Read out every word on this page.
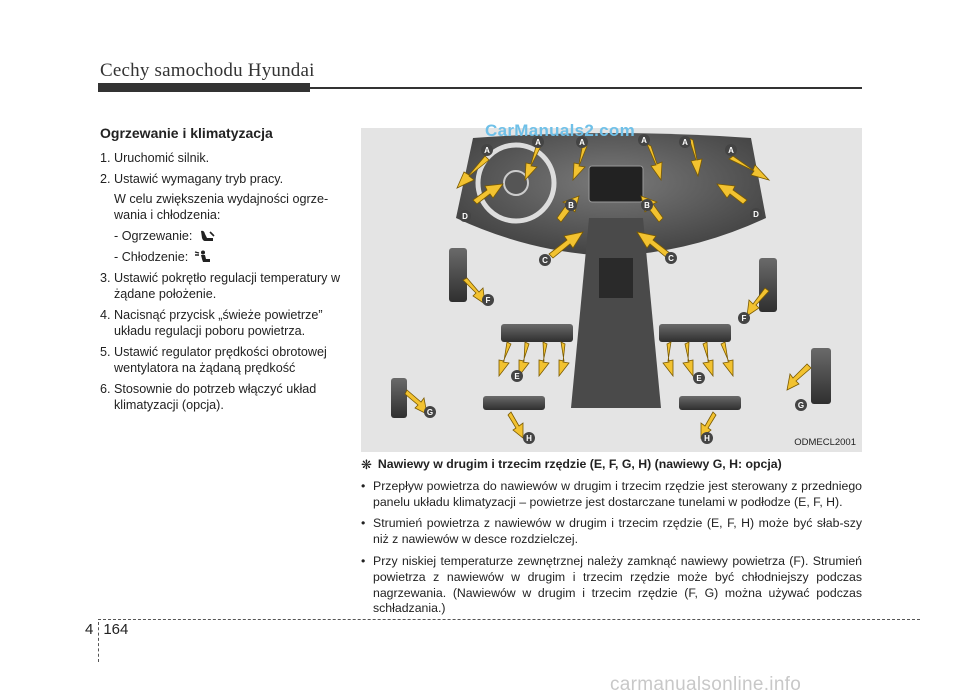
Cechy samochodu Hyundai
Ogrzewanie i klimatyzacja
1. Uruchomić silnik.
2. Ustawić wymagany tryb pracy.
W celu zwiększenia wydajności ogrze-wania i chłodzenia:
- Ogrzewanie:
- Chłodzenie:
3. Ustawić pokrętło regulacji temperatury w żądane położenie.
4. Nacisnąć przycisk „świeże powietrze” układu regulacji poboru powietrza.
5. Ustawić regulator prędkości obrotowej wentylatora na żądaną prędkość
6. Stosownie do potrzeb włączyć układ klimatyzacji (opcja).
A
A	A	A	A
A
B	B
C	C
D	D
E	E
F
F
G
G
H	H	ODMECL2001
CarManuals2.com
❋ Nawiewy w drugim i trzecim rzędzie (E, F, G, H) (nawiewy G, H: opcja)
• Przepływ powietrza do nawiewów w drugim i trzecim rzędzie jest sterowany z przedniego panelu układu klimatyzacji – powietrze jest dostarczane tunelami w podłodze (E, F, H).
• Strumień powietrza z nawiewów w drugim i trzecim rzędzie (E, F, H) może być słab-szy niż z nawiewów w desce rozdzielczej.
• Przy niskiej temperaturze zewnętrznej należy zamknąć nawiewy powietrza (F). Strumień powietrza z nawiewów w drugim i trzecim rzędzie może być chłodniejszy podczas nagrzewania. (Nawiewów w drugim i trzecim rzędzie (F, G) można używać podczas schładzania.)
4 164
carmanualsonline.info
